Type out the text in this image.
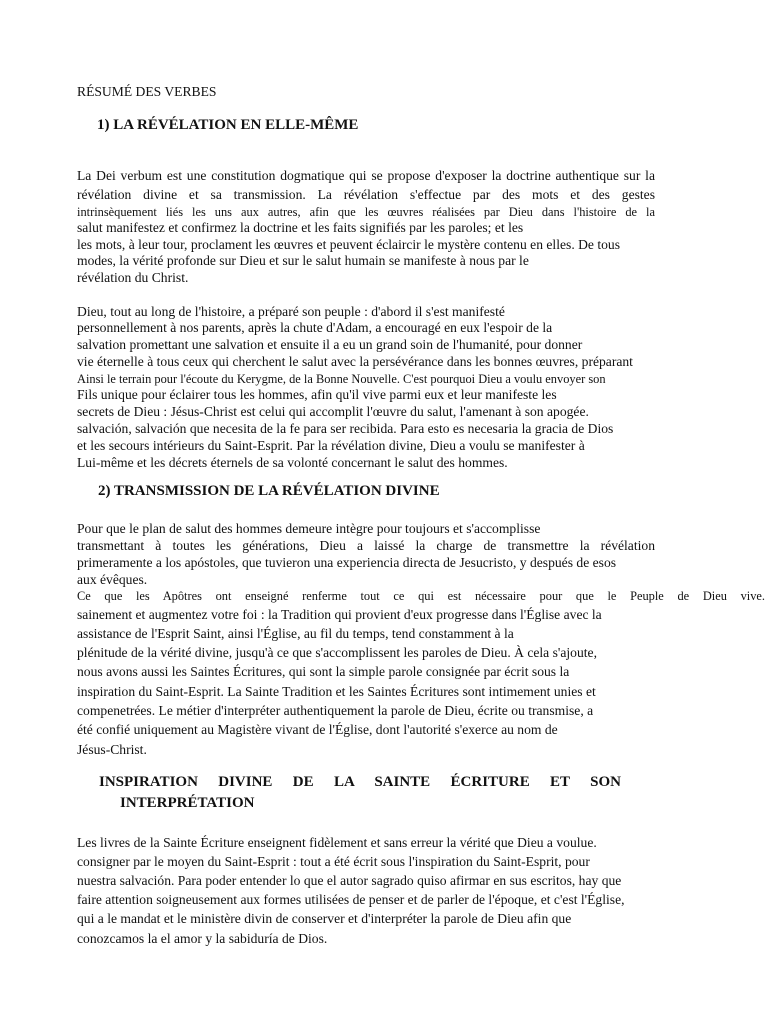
RÉSUMÉ DES VERBES
1) LA RÉVÉLATION EN ELLE-MÊME
La Dei verbum est une constitution dogmatique qui se propose d'exposer la doctrine authentique sur la
révélation divine et sa transmission. La révélation s'effectue par des mots et des gestes
intrinsèquement liés les uns aux autres, afin que les œuvres réalisées par Dieu dans l'histoire de la
salut manifestez et confirmez la doctrine et les faits signifiés par les paroles; et les
les mots, à leur tour, proclament les œuvres et peuvent éclaircir le mystère contenu en elles. De tous
modes, la vérité profonde sur Dieu et sur le salut humain se manifeste à nous par le
révélation du Christ.
Dieu, tout au long de l'histoire, a préparé son peuple : d'abord il s'est manifesté
personnellement à nos parents, après la chute d'Adam, a encouragé en eux l'espoir de la
salvation promettant une salvation et ensuite il a eu un grand soin de l'humanité, pour donner
vie éternelle à tous ceux qui cherchent le salut avec la persévérance dans les bonnes œuvres, préparant
Ainsi le terrain pour l'écoute du Kerygme, de la Bonne Nouvelle. C'est pourquoi Dieu a voulu envoyer son
Fils unique pour éclairer tous les hommes, afin qu'il vive parmi eux et leur manifeste les
secrets de Dieu : Jésus-Christ est celui qui accomplit l'œuvre du salut, l'amenant à son apogée.
salvación, salvación que necesita de la fe para ser recibida. Para esto es necesaria la gracia de Dios
et les secours intérieurs du Saint-Esprit. Par la révélation divine, Dieu a voulu se manifester à
Lui-même et les décrets éternels de sa volonté concernant le salut des hommes.
2) TRANSMISSION DE LA RÉVÉLATION DIVINE
Pour que le plan de salut des hommes demeure intègre pour toujours et s'accomplisse
transmettant à toutes les générations, Dieu a laissé la charge de transmettre la révélation
primeramente a los apóstoles, que tuvieron una experiencia directa de Jesucristo, y después de esos
aux évêques.
Ce que les Apôtres ont enseigné renferme tout ce qui est nécessaire pour que le Peuple de Dieu vive.
sainement et augmentez votre foi : la Tradition qui provient d'eux progresse dans l'Église avec la
assistance de l'Esprit Saint, ainsi l'Église, au fil du temps, tend constamment à la
plénitude de la vérité divine, jusqu'à ce que s'accomplissent les paroles de Dieu. À cela s'ajoute,
nous avons aussi les Saintes Écritures, qui sont la simple parole consignée par écrit sous la
inspiration du Saint-Esprit. La Sainte Tradition et les Saintes Écritures sont intimement unies et
compenetrées. Le métier d'interpréter authentiquement la parole de Dieu, écrite ou transmise, a
été confié uniquement au Magistère vivant de l'Église, dont l'autorité s'exerce au nom de
Jésus-Christ.
INSPIRATION DIVINE DE LA SAINTE ÉCRITURE ET SON
INTERPRÉTATION
Les livres de la Sainte Écriture enseignent fidèlement et sans erreur la vérité que Dieu a voulue.
consigner par le moyen du Saint-Esprit : tout a été écrit sous l'inspiration du Saint-Esprit, pour
nuestra salvación. Para poder entender lo que el autor sagrado quiso afirmar en sus escritos, hay que
faire attention soigneusement aux formes utilisées de penser et de parler de l'époque, et c'est l'Église,
qui a le mandat et le ministère divin de conserver et d'interpréter la parole de Dieu afin que
conozcamos la el amor y la sabiduría de Dios.
